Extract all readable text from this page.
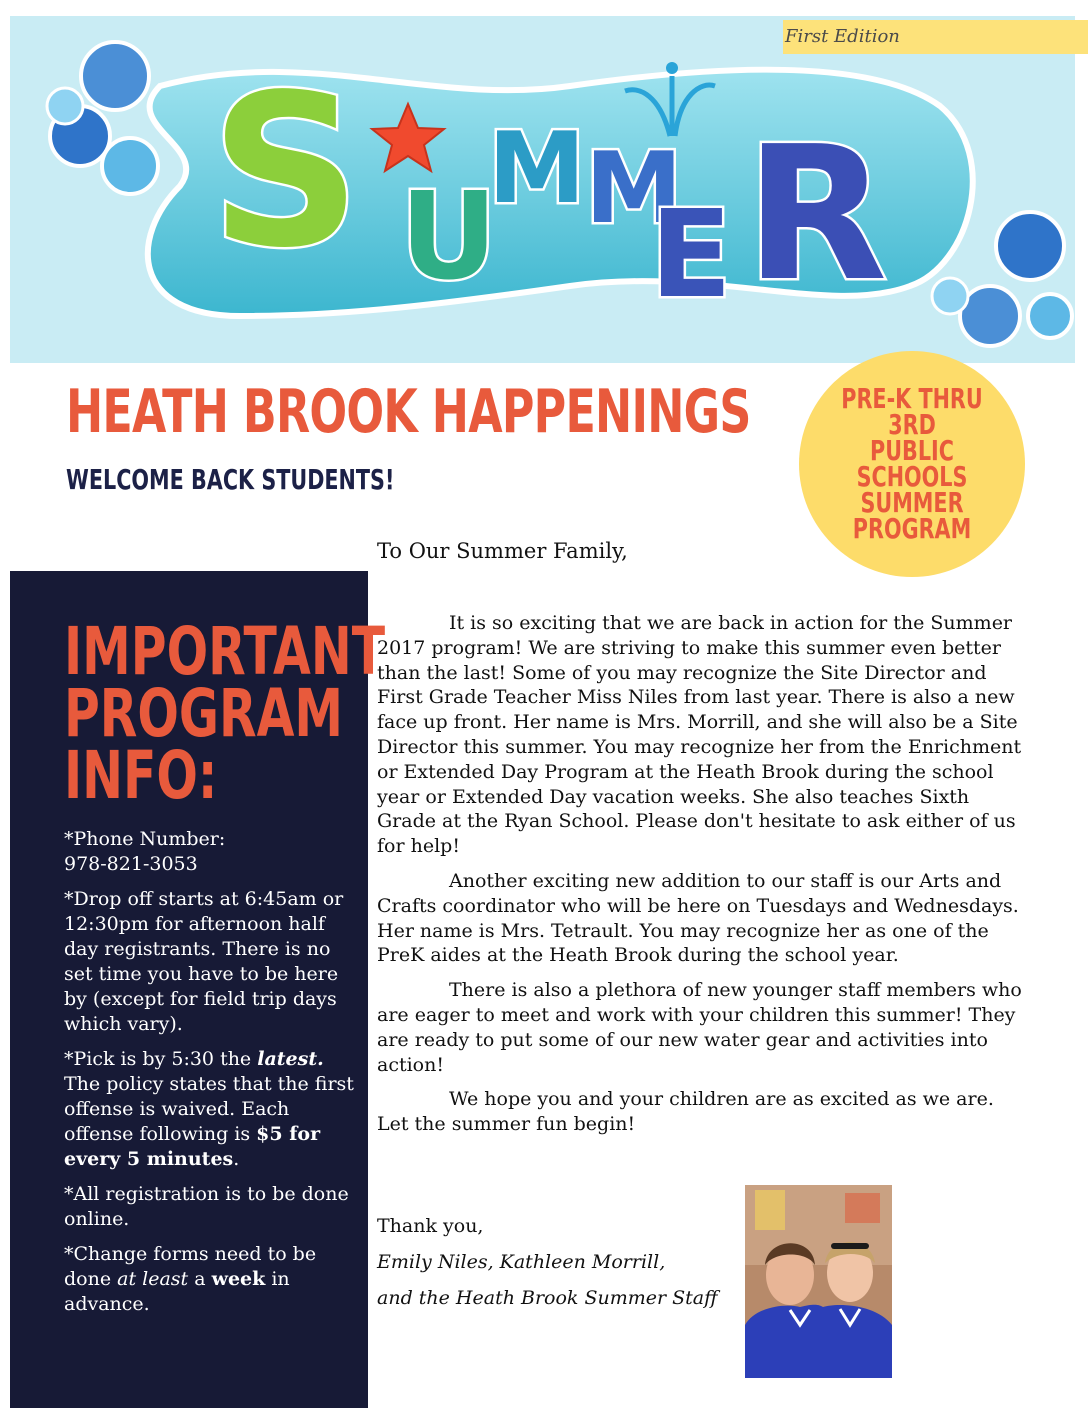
S U
M M
E R
First Edition
HEATH BROOK HAPPENINGS
WELCOME BACK STUDENTS!
PRE-K THRU 3RD
PUBLIC SCHOOLS
SUMMER
PROGRAM
To Our Summer Family,

It is so exciting that we are back in action for the Summer 2017 program! We are striving to make this summer even better than the last! Some of you may recognize the Site Director and First Grade Teacher Miss Niles from last year. There is also a new face up front. Her name is Mrs. Morrill, and she will also be a Site Director this summer. You may recognize her from the Enrichment or Extended Day Program at the Heath Brook during the school year or Extended Day vacation weeks. She also teaches Sixth Grade at the Ryan School. Please don't hesitate to ask either of us for help!

Another exciting new addition to our staff is our Arts and Crafts coordinator who will be here on Tuesdays and Wednesdays. Her name is Mrs. Tetrault. You may recognize her as one of the PreK aides at the Heath Brook during the school year.

There is also a plethora of new younger staff members who are eager to meet and work with your children this summer! They are ready to put some of our new water gear and activities into action!

We hope you and your children are as excited as we are. Let the summer fun begin!

Thank you,
Emily Niles, Kathleen Morrill,
and the Heath Brook Summer Staff
IMPORTANT
PROGRAM
INFO:

*Phone Number:
978-821-3053

*Drop off starts at 6:45am or 12:30pm for afternoon half day registrants. There is no set time you have to be here by (except for field trip days which vary).

*Pick is by 5:30 the latest. The policy states that the first offense is waived. Each offense following is $5 for every 5 minutes.

*All registration is to be done online.

*Change forms need to be done at least a week in advance.
